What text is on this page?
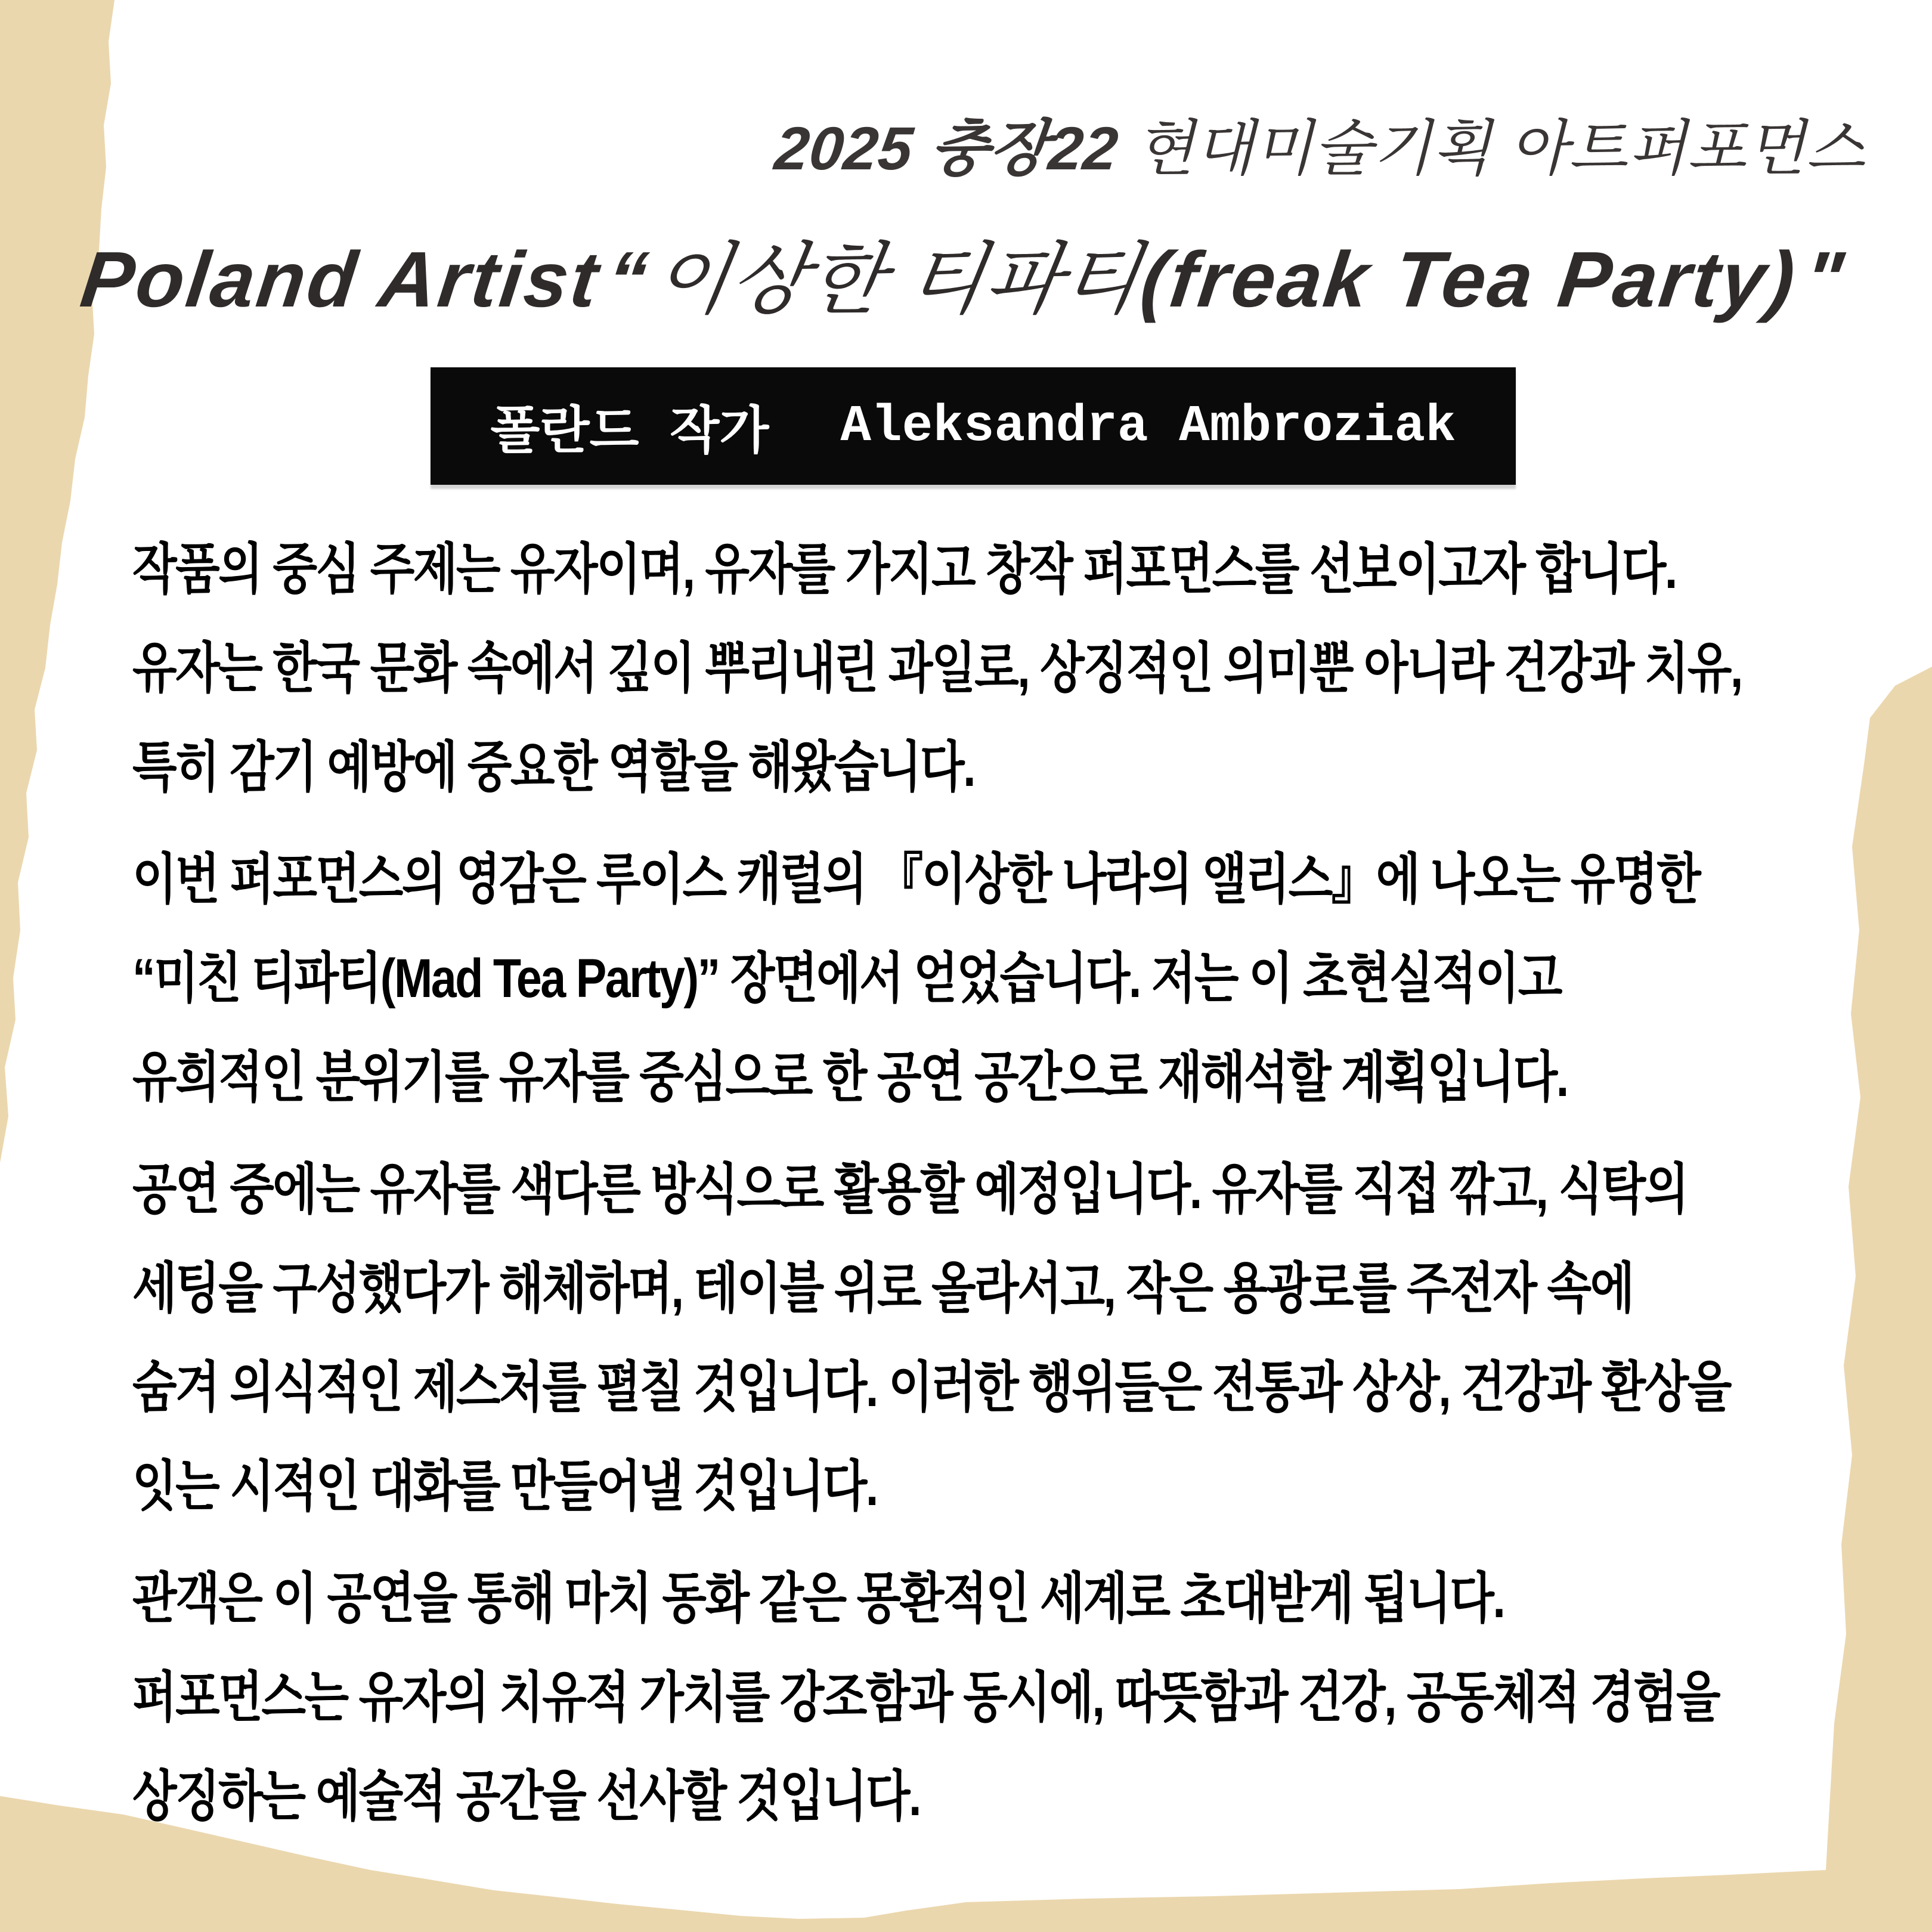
2025 충장22 현대미술기획 아트퍼포먼스
Poland Artist“이상한 티파티(freak Tea Party)"
폴란드 작가 Aleksandra Ambroziak
작품의 중심 주제는 유자이며, 유자를 가지고 창작 퍼포먼스를 선보이고자 합니다.
유자는 한국 문화 속에서 깊이 뿌리내린 과일로, 상징적인 의미뿐 아니라 건강과 치유,
특히 감기 예방에 중요한 역할을 해왔습니다.
이번 퍼포먼스의 영감은 루이스 캐럴의 『이상한 나라의 앨리스』에 나오는 유명한
“미친 티파티(Mad Tea Party)” 장면에서 얻었습니다. 저는 이 초현실적이고
유희적인 분위기를 유자를 중심으로 한 공연 공간으로 재해석할 계획입니다.
공연 중에는 유자를 색다른 방식으로 활용할 예정입니다. 유자를 직접 깎고, 식탁의
세팅을 구성했다가 해체하며, 테이블 위로 올라서고, 작은 용광로를 주전자 속에
숨겨 의식적인 제스처를 펼칠 것입니다. 이러한 행위들은 전통과 상상, 건강과 환상을
잇는 시적인 대화를 만들어낼 것입니다.
관객은 이 공연을 통해 마치 동화 같은 몽환적인 세계로 초대받게 됩니다.
퍼포먼스는 유자의 치유적 가치를 강조함과 동시에, 따뜻함과 건강, 공동체적 경험을
상징하는 예술적 공간을 선사할 것입니다.
